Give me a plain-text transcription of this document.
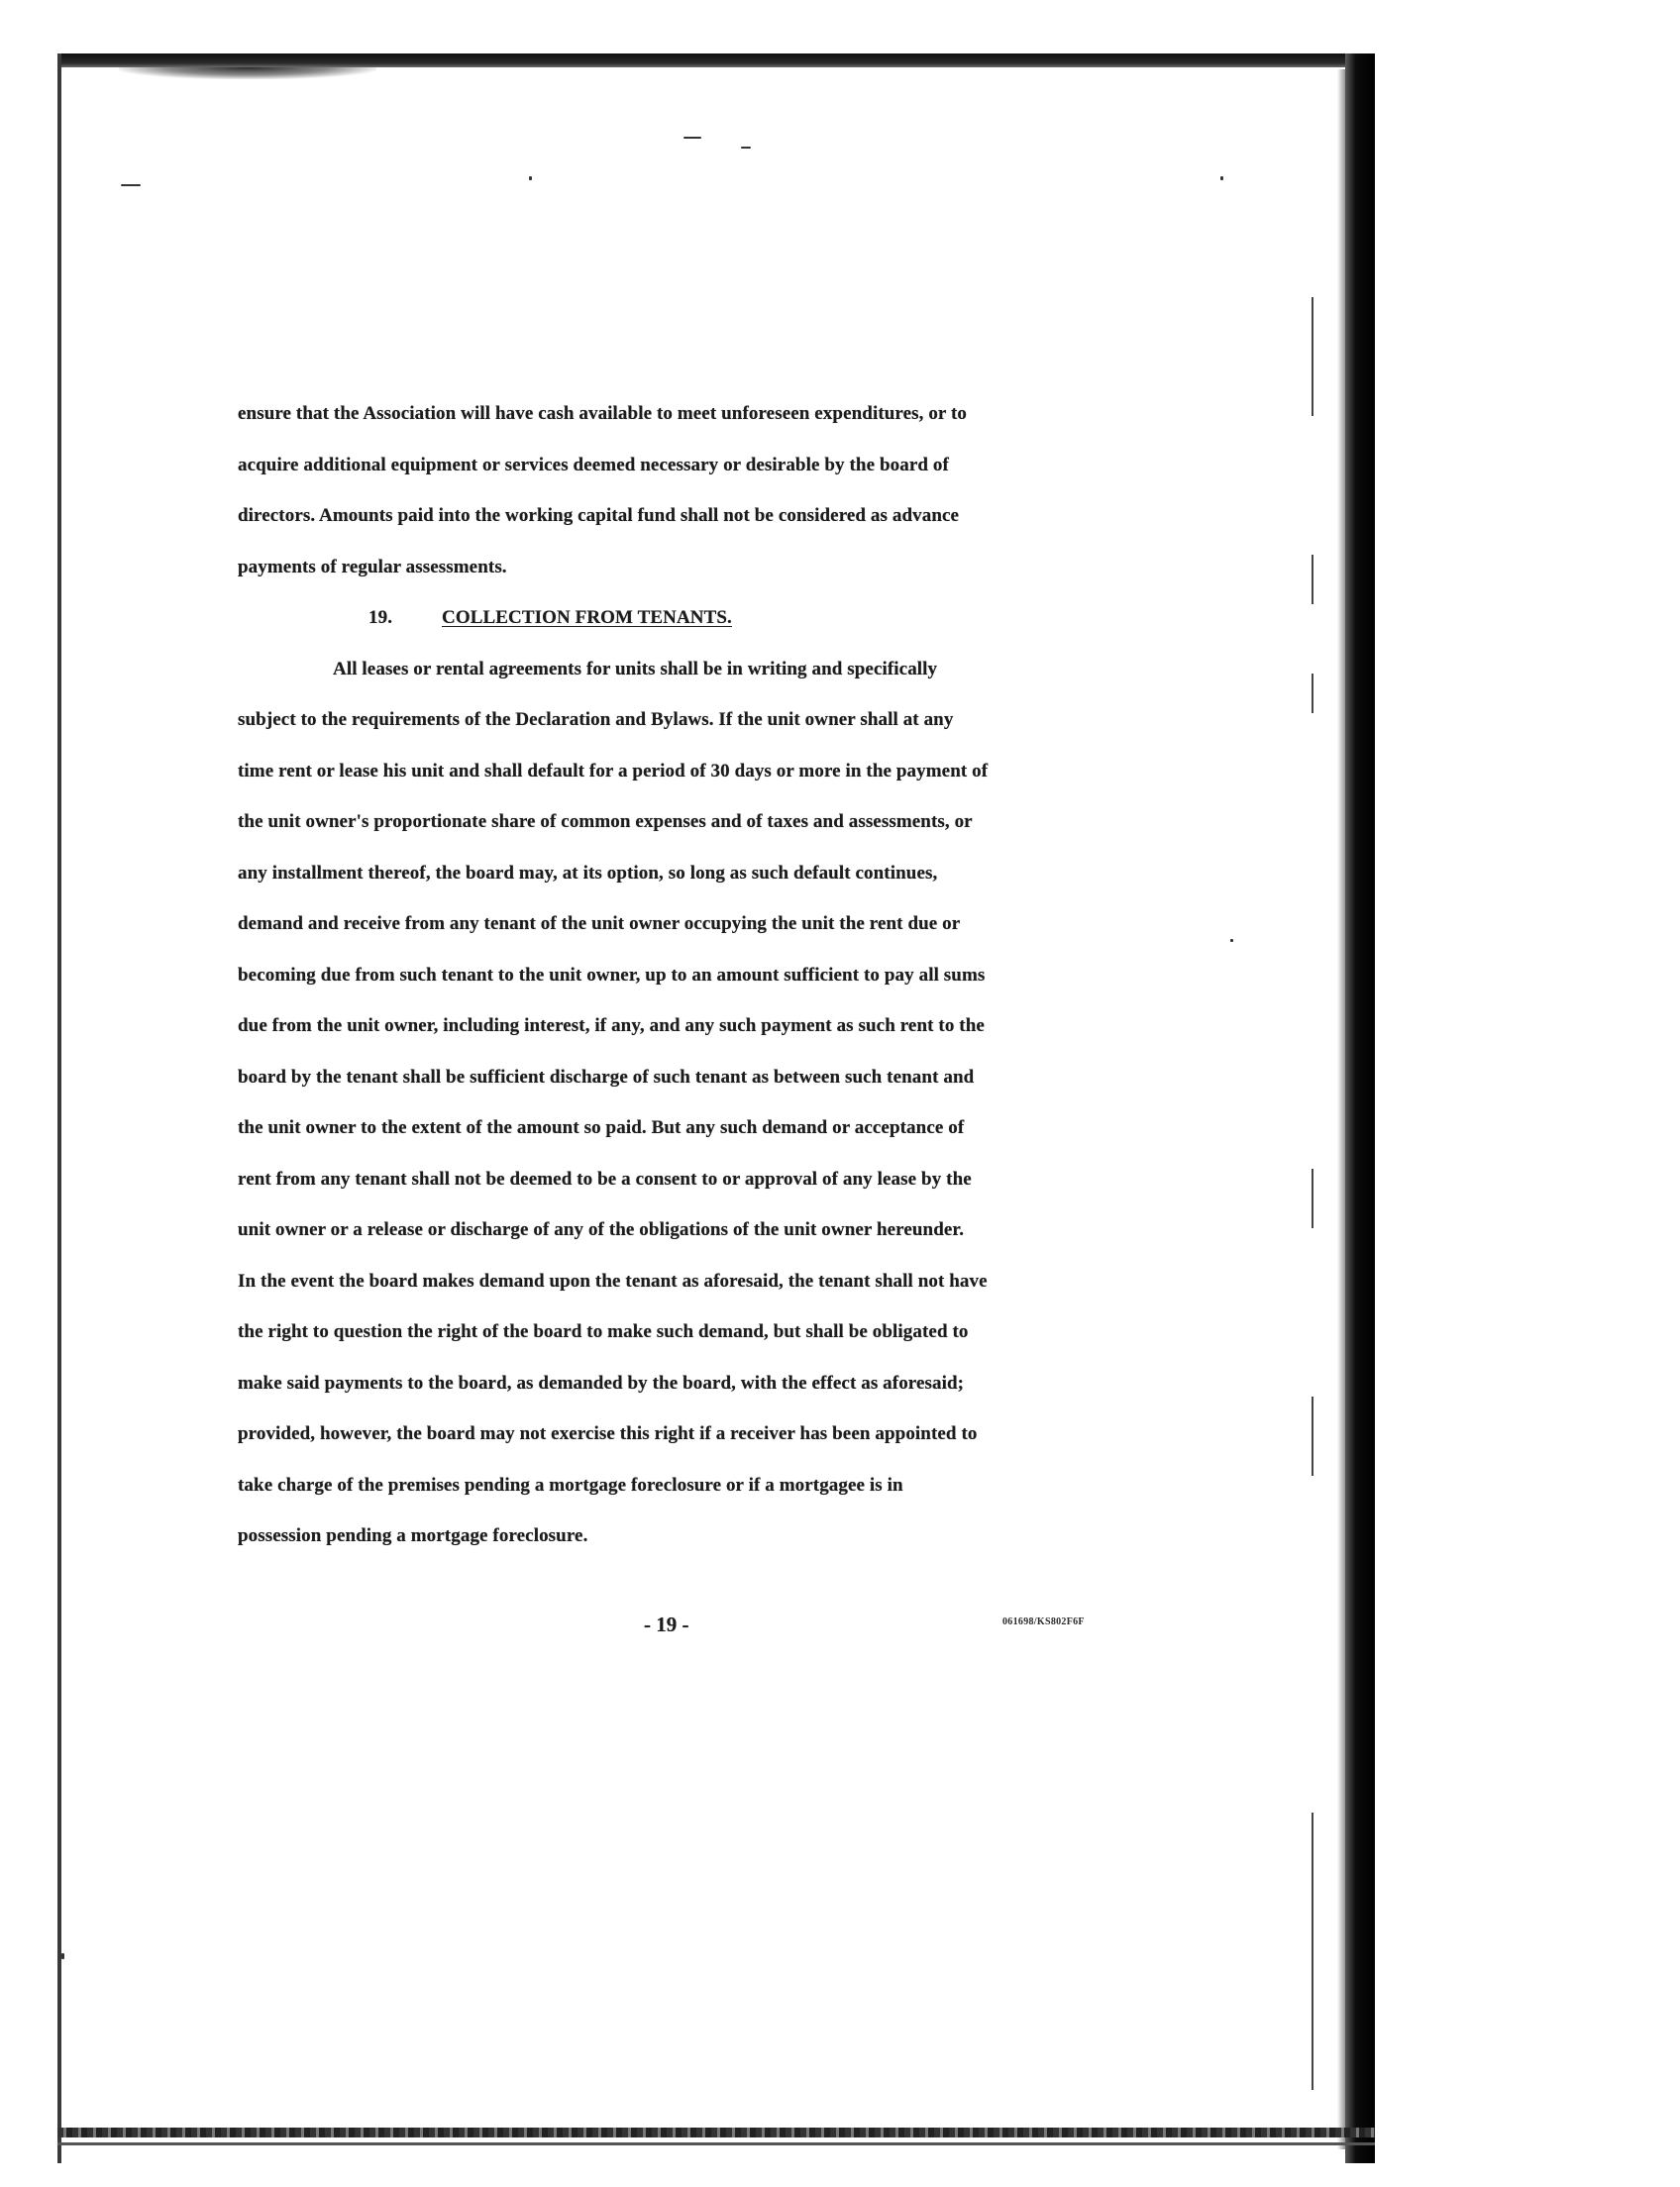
ensure that the Association will have cash available to meet unforeseen expenditures, or to
acquire additional equipment or services deemed necessary or desirable by the board of
directors. Amounts paid into the working capital fund shall not be considered as advance
payments of regular assessments.
19.	COLLECTION FROM TENANTS.
All leases or rental agreements for units shall be in writing and specifically
subject to the requirements of the Declaration and Bylaws. If the unit owner shall at any
time rent or lease his unit and shall default for a period of 30 days or more in the payment of
the unit owner's proportionate share of common expenses and of taxes and assessments, or
any installment thereof, the board may, at its option, so long as such default continues,
demand and receive from any tenant of the unit owner occupying the unit the rent due or
becoming due from such tenant to the unit owner, up to an amount sufficient to pay all sums
due from the unit owner, including interest, if any, and any such payment as such rent to the
board by the tenant shall be sufficient discharge of such tenant as between such tenant and
the unit owner to the extent of the amount so paid. But any such demand or acceptance of
rent from any tenant shall not be deemed to be a consent to or approval of any lease by the
unit owner or a release or discharge of any of the obligations of the unit owner hereunder.
In the event the board makes demand upon the tenant as aforesaid, the tenant shall not have
the right to question the right of the board to make such demand, but shall be obligated to
make said payments to the board, as demanded by the board, with the effect as aforesaid;
provided, however, the board may not exercise this right if a receiver has been appointed to
take charge of the premises pending a mortgage foreclosure or if a mortgagee is in
possession pending a mortgage foreclosure.
- 19 -	061698/KS802F6F
